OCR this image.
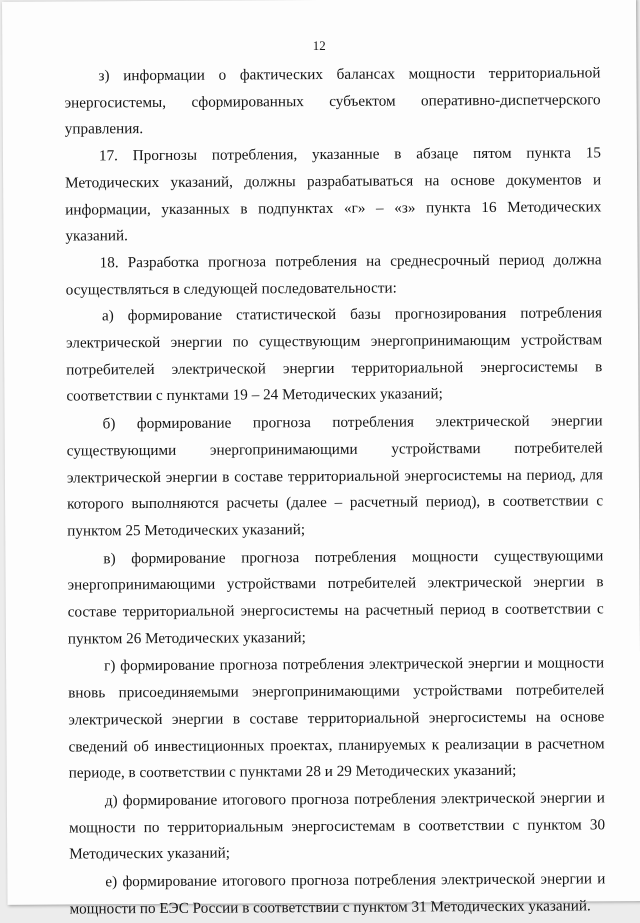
12

з) информации о фактических балансах мощности территориальной энергосистемы, сформированных субъектом оперативно-диспетчерского управления.

17. Прогнозы потребления, указанные в абзаце пятом пункта 15 Методических указаний, должны разрабатываться на основе документов и информации, указанных в подпунктах «г» – «з» пункта 16 Методических указаний.

18. Разработка прогноза потребления на среднесрочный период должна осуществляться в следующей последовательности:

а) формирование статистической базы прогнозирования потребления электрической энергии по существующим энергопринимающим устройствам потребителей электрической энергии территориальной энергосистемы в соответствии с пунктами 19 – 24 Методических указаний;

б) формирование прогноза потребления электрической энергии существующими энергопринимающими устройствами потребителей электрической энергии в составе территориальной энергосистемы на период, для которого выполняются расчеты (далее – расчетный период), в соответствии с пунктом 25 Методических указаний;

в) формирование прогноза потребления мощности существующими энергопринимающими устройствами потребителей электрической энергии в составе территориальной энергосистемы на расчетный период в соответствии с пунктом 26 Методических указаний;

г) формирование прогноза потребления электрической энергии и мощности вновь присоединяемыми энергопринимающими устройствами потребителей электрической энергии в составе территориальной энергосистемы на основе сведений об инвестиционных проектах, планируемых к реализации в расчетном периоде, в соответствии с пунктами 28 и 29 Методических указаний;

д) формирование итогового прогноза потребления электрической энергии и мощности по территориальным энергосистемам в соответствии с пунктом 30 Методических указаний;

е) формирование итогового прогноза потребления электрической энергии и мощности по ЕЭС России в соответствии с пунктом 31 Методических указаний.
